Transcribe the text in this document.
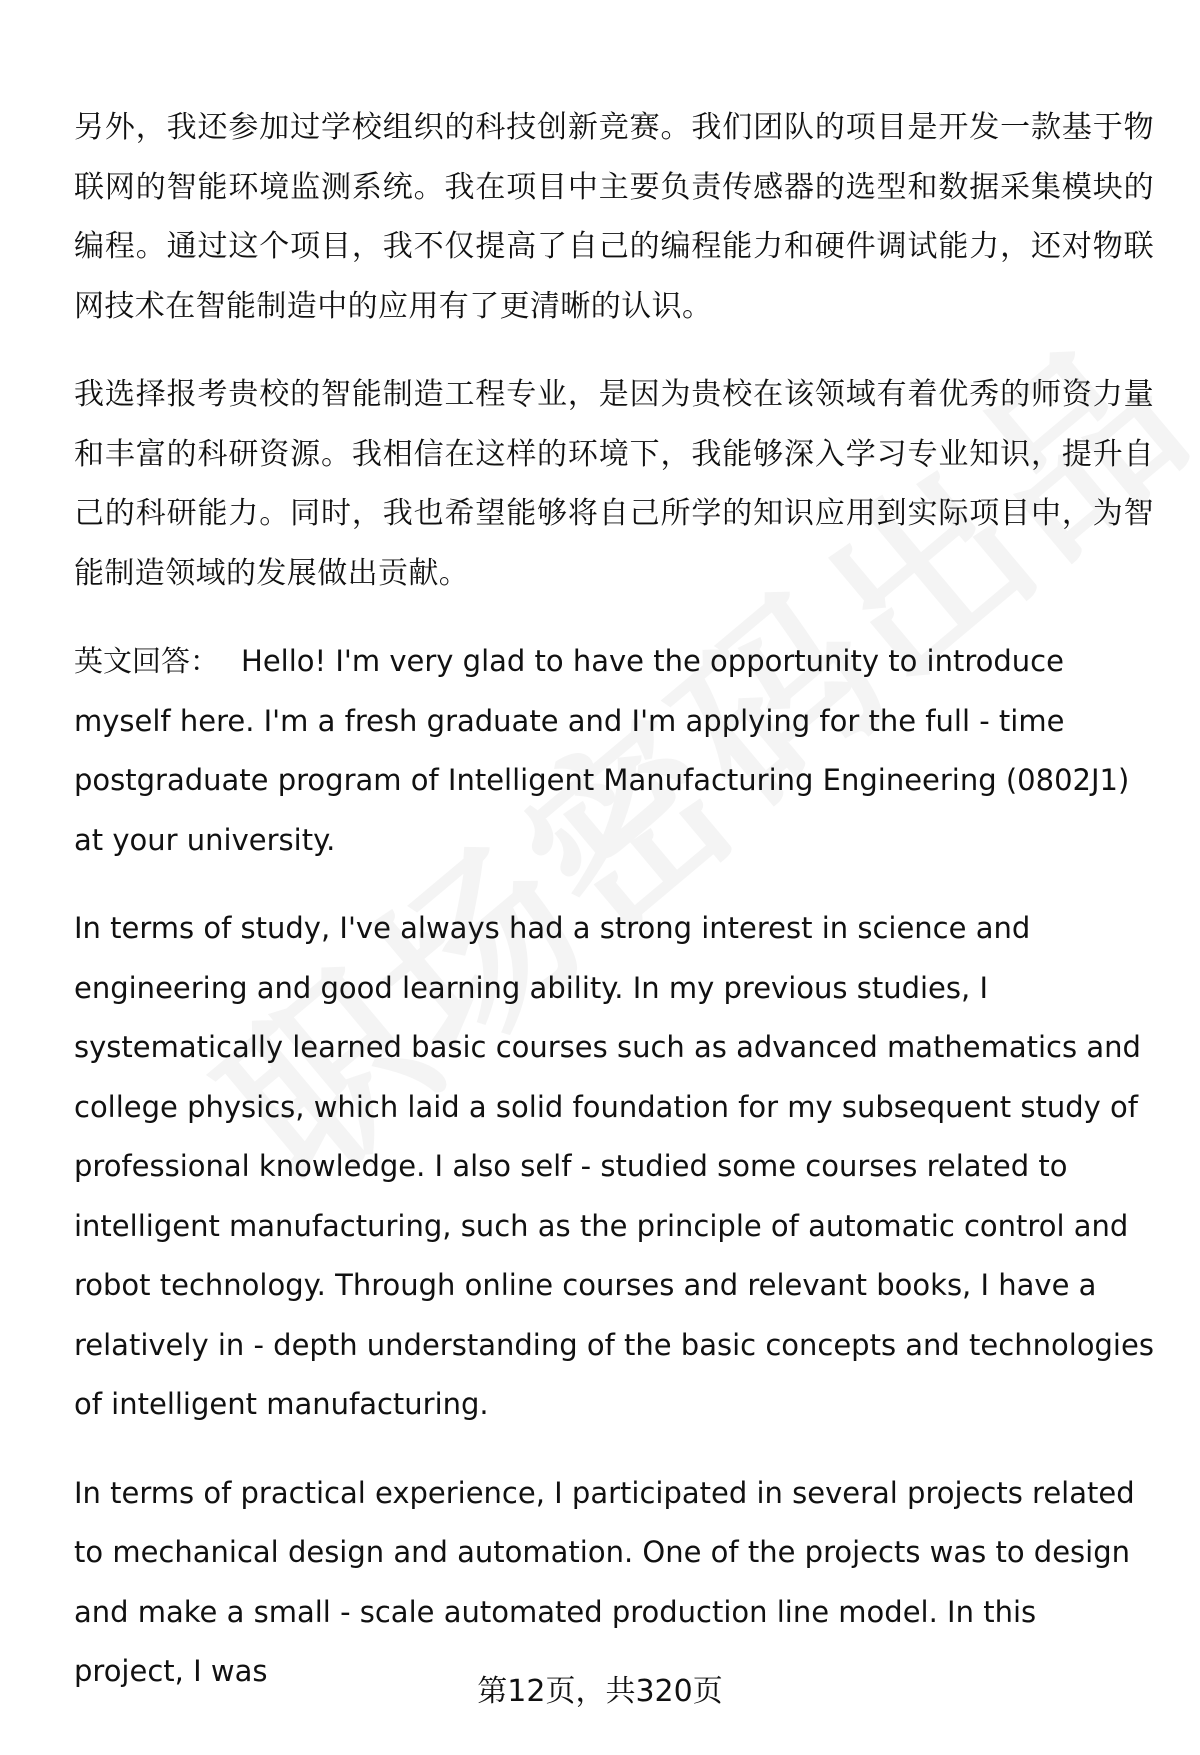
另外，我还参加过学校组织的科技创新竞赛。我们团队的项目是开发一款基于物联网的智能环境监测系统。我在项目中主要负责传感器的选型和数据采集模块的编程。通过这个项目，我不仅提高了自己的编程能力和硬件调试能力，还对物联网技术在智能制造中的应用有了更清晰的认识。

我选择报考贵校的智能制造工程专业，是因为贵校在该领域有着优秀的师资力量和丰富的科研资源。我相信在这样的环境下，我能够深入学习专业知识，提升自己的科研能力。同时，我也希望能够将自己所学的知识应用到实际项目中，为智能制造领域的发展做出贡献。

英文回答： Hello! I'm very glad to have the opportunity to introduce myself here. I'm a fresh graduate and I'm applying for the full - time postgraduate program of Intelligent Manufacturing Engineering (0802J1) at your university.

In terms of study, I've always had a strong interest in science and engineering and good learning ability. In my previous studies, I systematically learned basic courses such as advanced mathematics and college physics, which laid a solid foundation for my subsequent study of professional knowledge. I also self - studied some courses related to intelligent manufacturing, such as the principle of automatic control and robot technology. Through online courses and relevant books, I have a relatively in - depth understanding of the basic concepts and technologies of intelligent manufacturing.

In terms of practical experience, I participated in several projects related to mechanical design and automation. One of the projects was to design and make a small - scale automated production line model. In this project, I was

第12页，共320页
